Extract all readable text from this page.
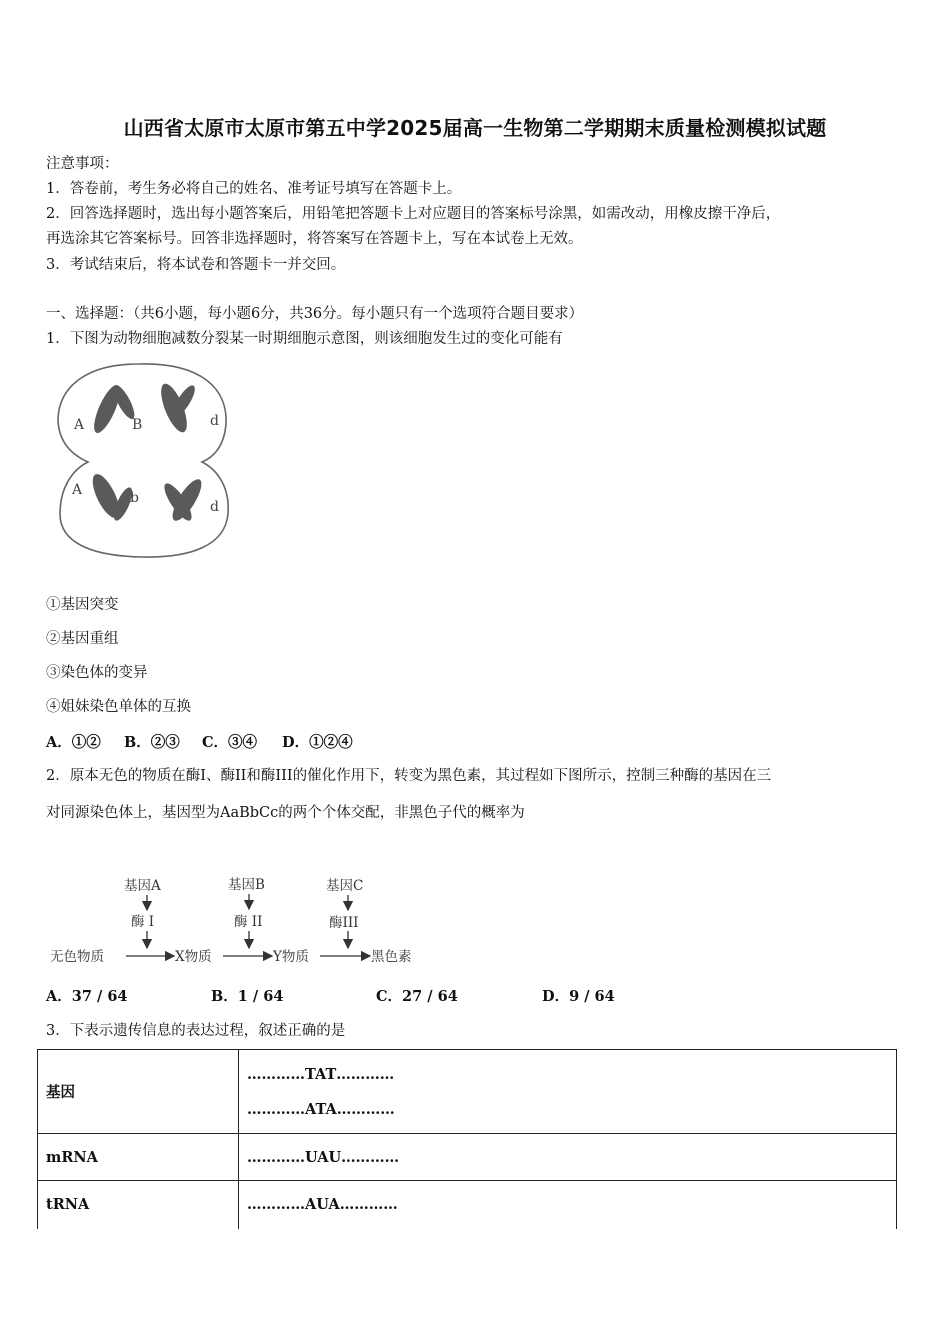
山西省太原市太原市第五中学2025届高一生物第二学期期末质量检测模拟试题
注意事项：
1．答卷前，考生务必将自己的姓名、准考证号填写在答题卡上。
2．回答选择题时，选出每小题答案后，用铅笔把答题卡上对应题目的答案标号涂黑，如需改动，用橡皮擦干净后，
再选涂其它答案标号。回答非选择题时，将答案写在答题卡上，写在本试卷上无效。
3．考试结束后，将本试卷和答题卡一并交回。
一、选择题：（共6小题，每小题6分，共36分。每小题只有一个选项符合题目要求）
1．下图为动物细胞减数分裂某一时期细胞示意图，则该细胞发生过的变化可能有
A	B	d
A	b
d
①基因突变
②基因重组
③染色体的变异
④姐妹染色单体的互换
A．①② B．②③ C．③④ D．①②④
2．原本无色的物质在酶Ⅰ、酶II和酶III的催化作用下，转变为黑色素，其过程如下图所示，控制三种酶的基因在三
对同源染色体上，基因型为AaBbCc的两个个体交配，非黑色子代的概率为
基因A	基因B	基因C
酶 I	酶 II	酶III
无色物质	X物质	Y物质	黑色素
A．37 / 64	B．1 / 64	C．27 / 64	D．9 / 64
3．下表示遗传信息的表达过程，叙述正确的是
基因	…………TAT…………
…………ATA…………

mRNA	…………UAU…………
tRNA	…………AUA…………
